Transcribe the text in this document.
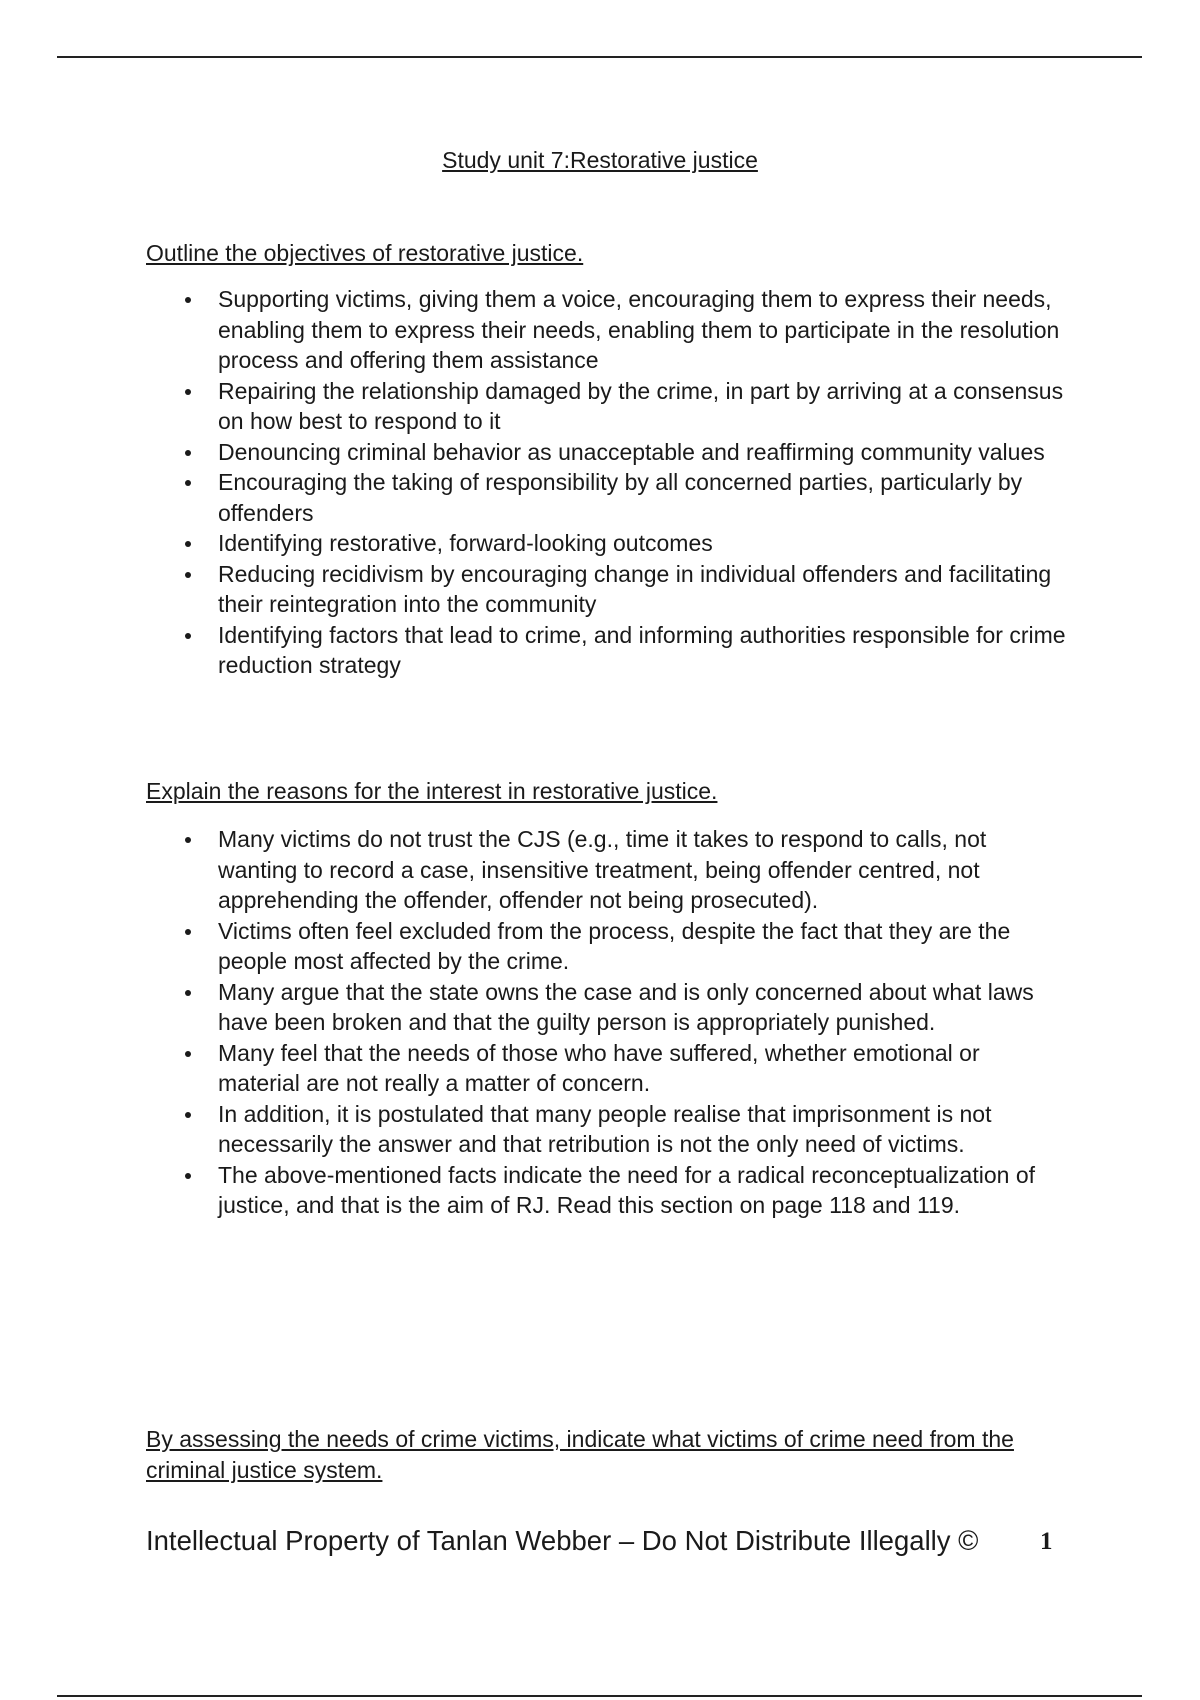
Study unit 7:Restorative justice
Outline the objectives of restorative justice.
Supporting victims, giving them a voice, encouraging them to express their needs, enabling them to express their needs, enabling them to participate in the resolution process and offering them assistance
Repairing the relationship damaged by the crime, in part by arriving at a consensus on how best to respond to it
Denouncing criminal behavior as unacceptable and reaffirming community values
Encouraging the taking of responsibility by all concerned parties, particularly by offenders
Identifying restorative, forward-looking outcomes
Reducing recidivism by encouraging change in individual offenders and facilitating their reintegration into the community
Identifying factors that lead to crime, and informing authorities responsible for crime reduction strategy
Explain the reasons for the interest in restorative justice.
Many victims do not trust the CJS (e.g., time it takes to respond to calls, not wanting to record a case, insensitive treatment, being offender centred, not apprehending the offender, offender not being prosecuted).
Victims often feel excluded from the process, despite the fact that they are the people most affected by the crime.
Many argue that the state owns the case and is only concerned about what laws have been broken and that the guilty person is appropriately punished.
Many feel that the needs of those who have suffered, whether emotional or material are not really a matter of concern.
In addition, it is postulated that many people realise that imprisonment is not necessarily the answer and that retribution is not the only need of victims.
The above-mentioned facts indicate the need for a radical reconceptualization of justice, and that is the aim of RJ. Read this section on page 118 and 119.
By assessing the needs of crime victims, indicate what victims of crime need from the criminal justice system.
Intellectual Property of Tanlan Webber – Do Not Distribute Illegally © 1
